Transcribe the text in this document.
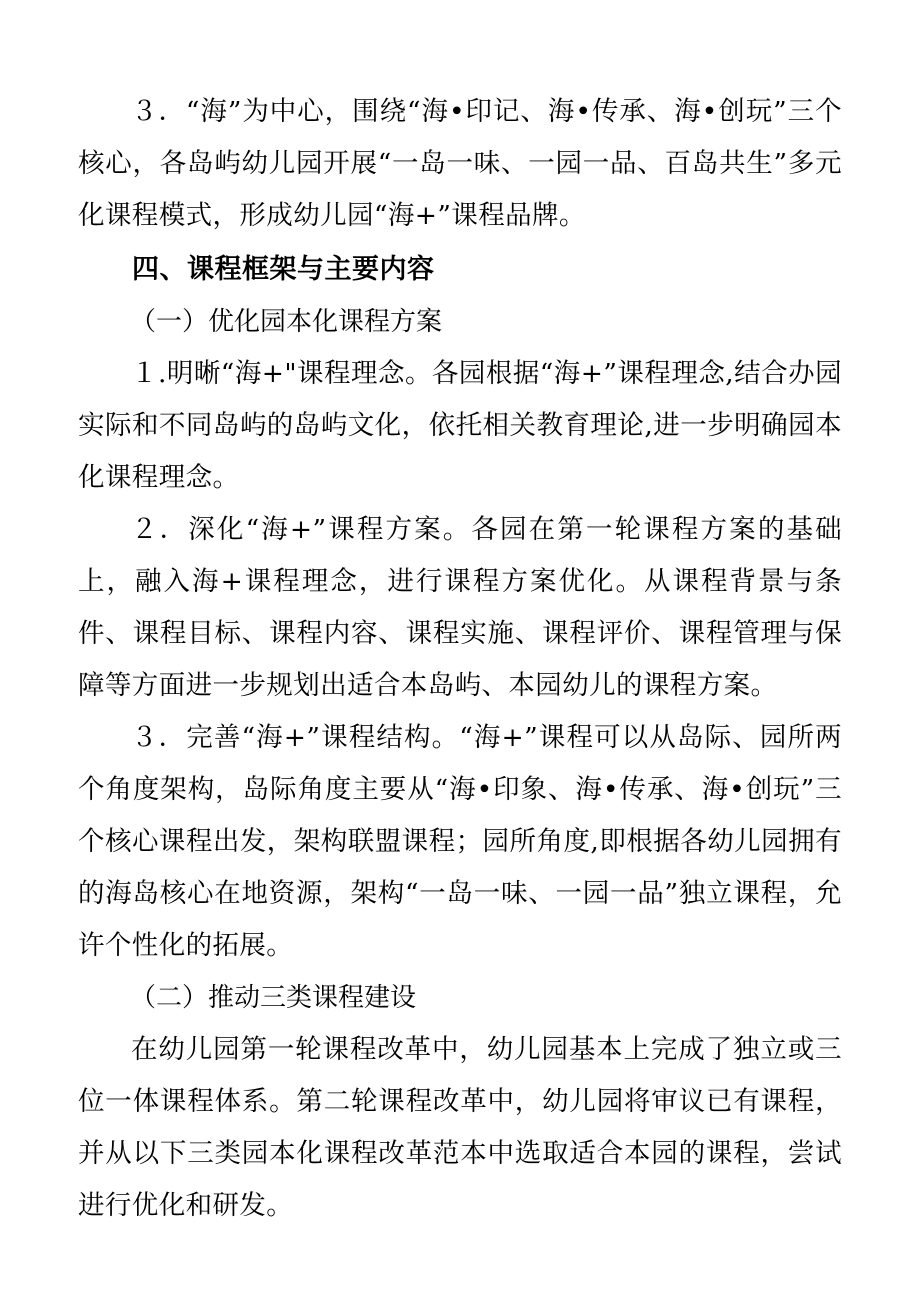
３．“海”为中心，围绕“海•印记、海•传承、海•创玩”三个核心，各岛屿幼儿园开展“一岛一味、一园一品、百岛共生”多元化课程模式，形成幼儿园“海+”课程品牌。

四、课程框架与主要内容

（一）优化园本化课程方案

１.明晰“海+"课程理念。各园根据“海+”课程理念,结合办园实际和不同岛屿的岛屿文化，依托相关教育理论,进一步明确园本化课程理念。

２．深化“海+”课程方案。各园在第一轮课程方案的基础上，融入海+课程理念，进行课程方案优化。从课程背景与条件、课程目标、课程内容、课程实施、课程评价、课程管理与保障等方面进一步规划出适合本岛屿、本园幼儿的课程方案。

３．完善“海+”课程结构。“海+”课程可以从岛际、园所两个角度架构，岛际角度主要从“海•印象、海•传承、海•创玩”三个核心课程出发，架构联盟课程；园所角度,即根据各幼儿园拥有的海岛核心在地资源，架构“一岛一味、一园一品”独立课程，允许个性化的拓展。

（二）推动三类课程建设

在幼儿园第一轮课程改革中，幼儿园基本上完成了独立或三位一体课程体系。第二轮课程改革中，幼儿园将审议已有课程，并从以下三类园本化课程改革范本中选取适合本园的课程，尝试进行优化和研发。
